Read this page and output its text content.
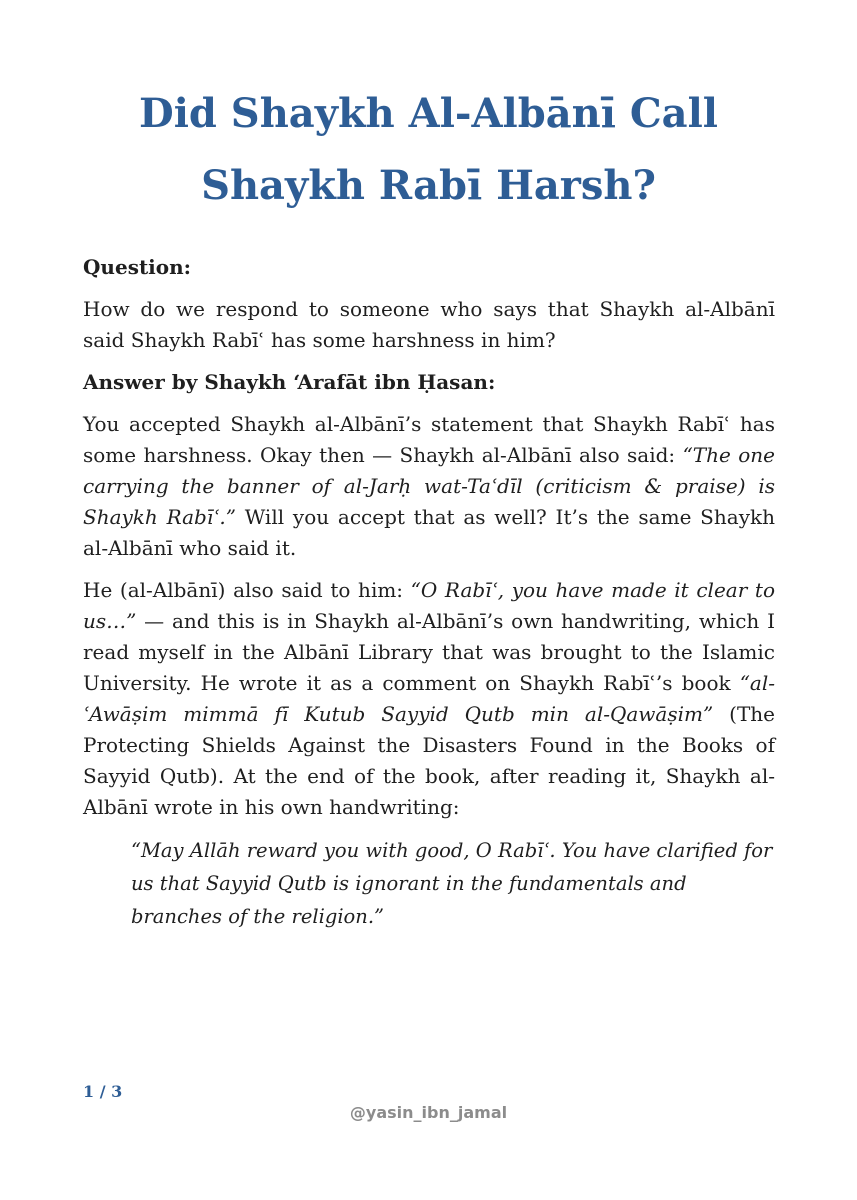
Did Shaykh Al-Albānī Call
Shaykh Rabī Harsh?

Question:

How do we respond to someone who says that Shaykh al-Albānī said Shaykh Rabīʿ has some harshness in him?

Answer by Shaykh ‘Arafāt ibn Ḥasan:

You accepted Shaykh al-Albānī’s statement that Shaykh Rabīʿ has some harshness. Okay then — Shaykh al-Albānī also said: “The one carrying the banner of al-Jarḥ wat-Taʿdīl (criticism & praise) is Shaykh Rabīʿ.” Will you accept that as well? It’s the same Shaykh al-Albānī who said it.

He (al-Albānī) also said to him: “O Rabīʿ, you have made it clear to us…” — and this is in Shaykh al-Albānī’s own handwriting, which I read myself in the Albānī Library that was brought to the Islamic University. He wrote it as a comment on Shaykh Rabīʿ’s book “al-ʿAwāṣim mimmā fī Kutub Sayyid Qutb min al-Qawāṣim” (The Protecting Shields Against the Disasters Found in the Books of Sayyid Qutb). At the end of the book, after reading it, Shaykh al-Albānī wrote in his own handwriting:

“May Allāh reward you with good, O Rabīʿ. You have clarified for us that Sayyid Qutb is ignorant in the fundamentals and branches of the religion.”

1 / 3
@yasin_ibn_jamal
